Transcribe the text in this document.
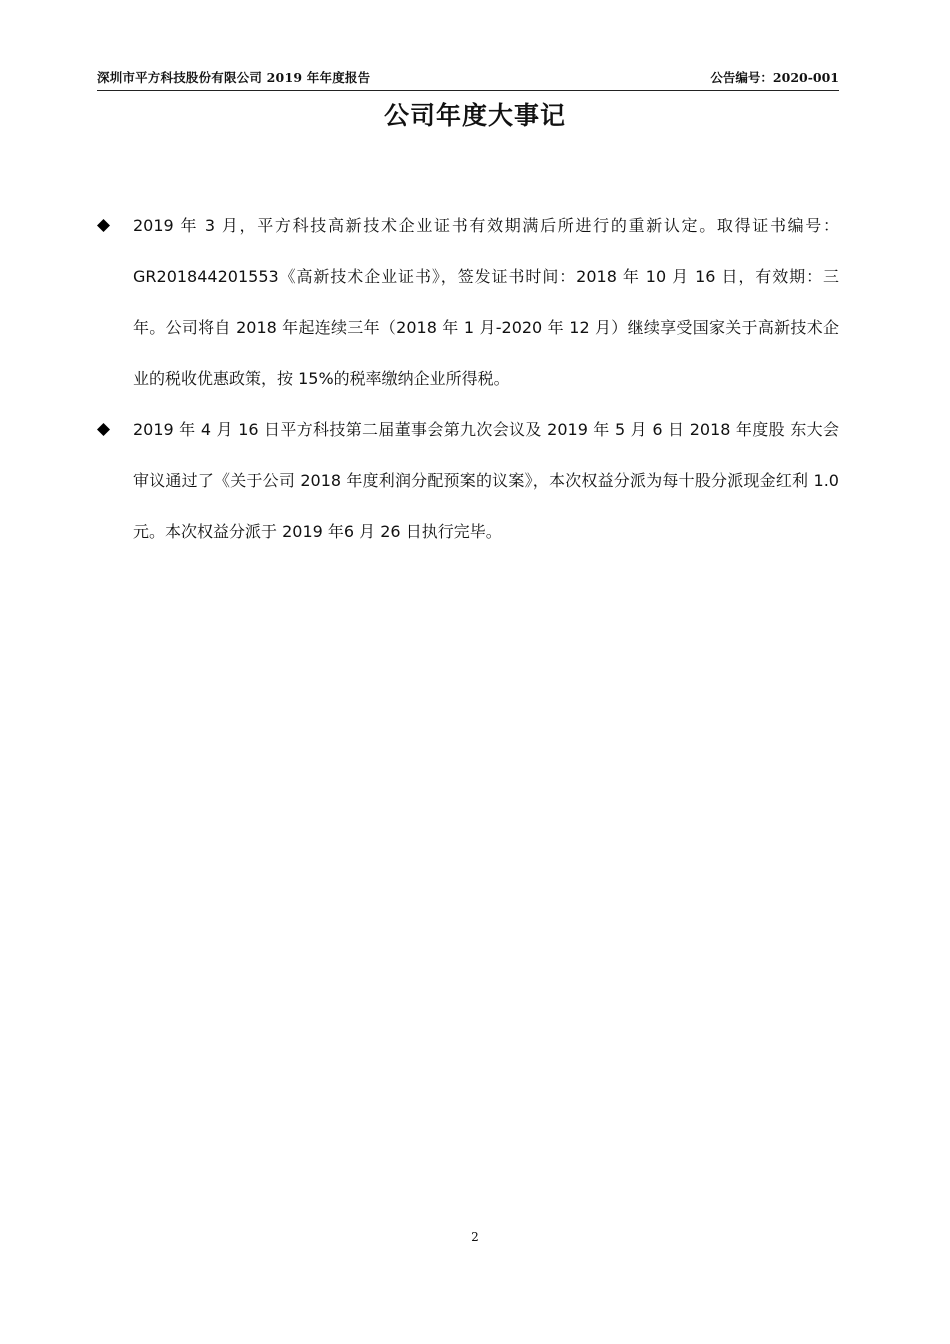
深圳市平方科技股份有限公司 2019 年年度报告	公告编号：2020-001
公司年度大事记
2019 年 3 月，平方科技高新技术企业证书有效期满后所进行的重新认定。取得证书编号：GR201844201553《高新技术企业证书》，签发证书时间：2018 年 10 月 16 日，有效期：三年。公司将自 2018 年起连续三年（2018 年 1 月-2020 年 12 月）继续享受国家关于高新技术企业的税收优惠政策，按 15%的税率缴纳企业所得税。
2019 年 4 月 16 日平方科技第二届董事会第九次会议及 2019 年 5 月 6 日 2018 年度股 东大会审议通过了《关于公司 2018 年度利润分配预案的议案》，本次权益分派为每十股分派现金红利 1.0 元。本次权益分派于 2019 年6 月 26 日执行完毕。
2
